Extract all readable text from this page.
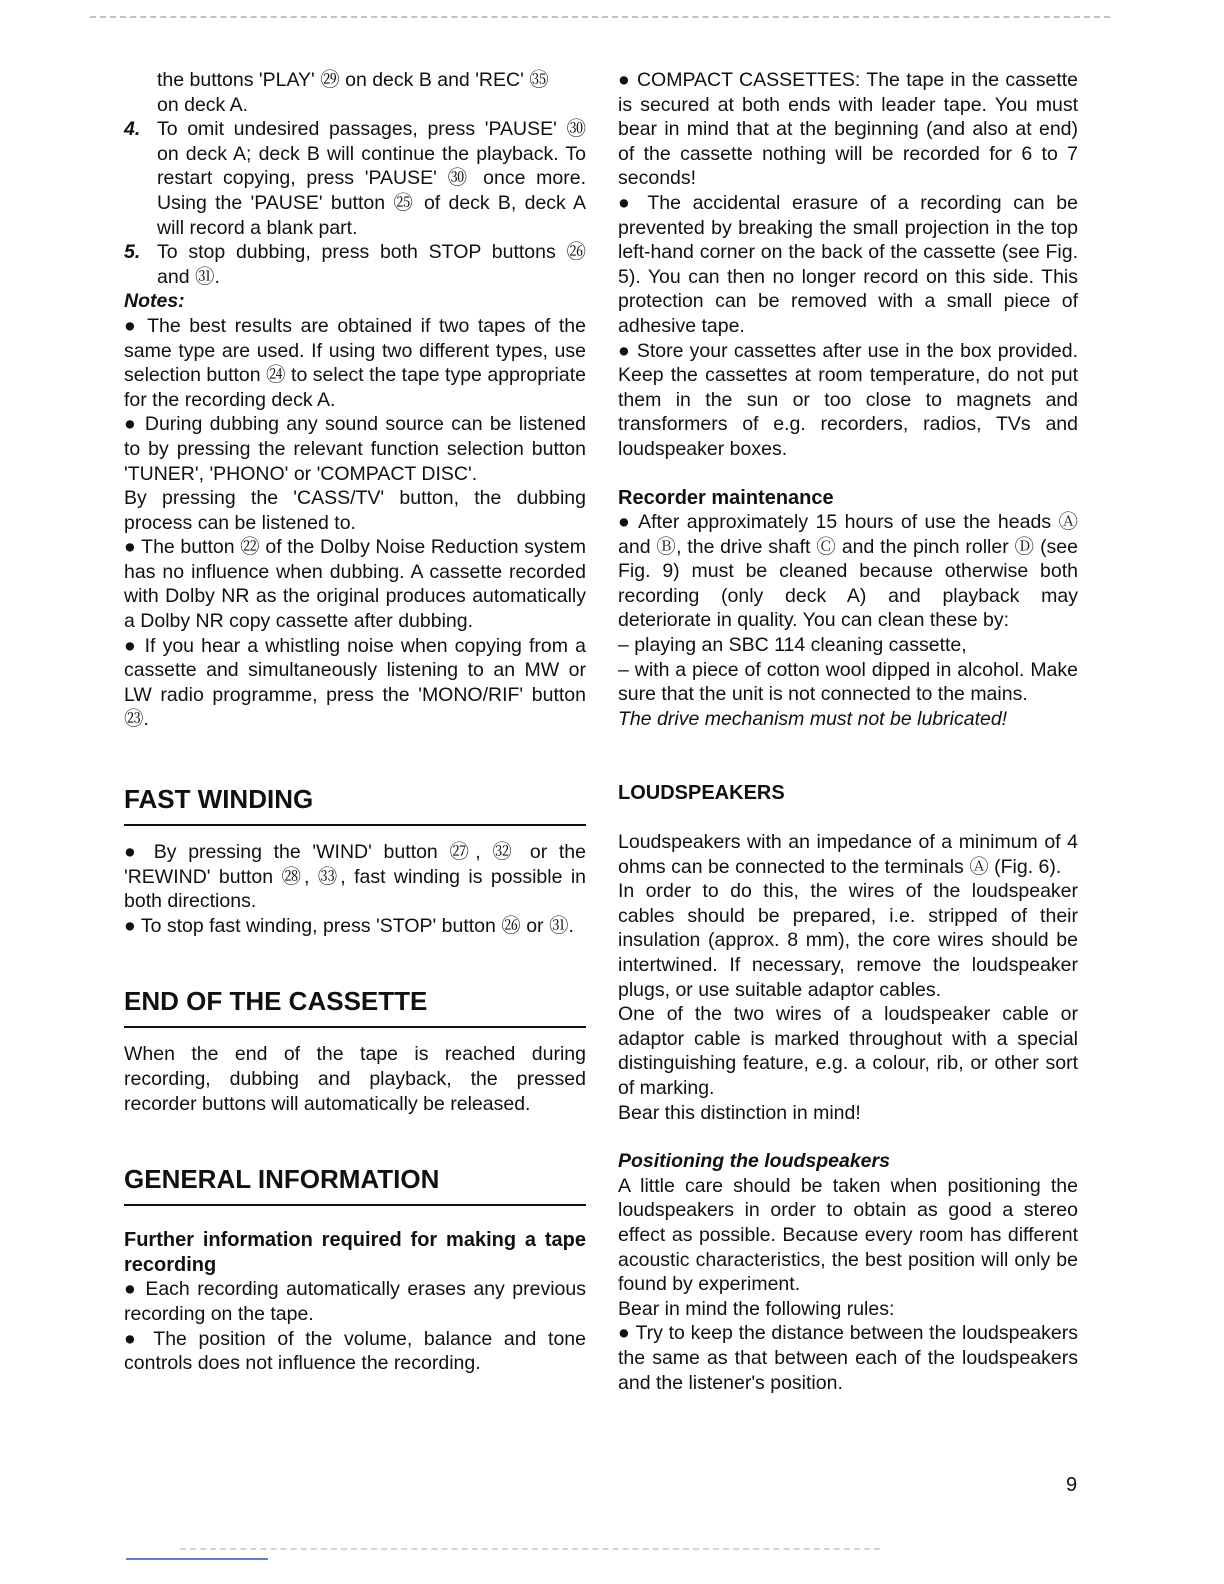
the buttons 'PLAY' ㉙ on deck B and 'REC' ㉟

on deck A.

4. To omit undesired passages, press 'PAUSE' ㉚ on deck A; deck B will continue the playback. To restart copying, press 'PAUSE' ㉚ once more. Using the 'PAUSE' button ㉕ of deck B, deck A will record a blank part.
5. To stop dubbing, press both STOP buttons ㉖ and ㉛.

Notes:

● The best results are obtained if two tapes of the same type are used. If using two different types, use selection button ㉔ to select the tape type appropriate for the recording deck A.

● During dubbing any sound source can be listened to by pressing the relevant function selection button 'TUNER', 'PHONO' or 'COMPACT DISC'.

By pressing the 'CASS/TV' button, the dubbing process can be listened to.

● The button ㉒ of the Dolby Noise Reduction system has no influence when dubbing. A cassette recorded with Dolby NR as the original produces automatically a Dolby NR copy cassette after dubbing.

● If you hear a whistling noise when copying from a cassette and simultaneously listening to an MW or LW radio programme, press the 'MONO/RIF' button ㉓.

FAST WINDING

● By pressing the 'WIND' button ㉗, ㉜ or the 'REWIND' button ㉘, ㉝, fast winding is possible in both directions.

● To stop fast winding, press 'STOP' button ㉖ or ㉛.

END OF THE CASSETTE

When the end of the tape is reached during recording, dubbing and playback, the pressed recorder buttons will automatically be released.

GENERAL INFORMATION

Further information required for making a tape recording

● Each recording automatically erases any previous recording on the tape.

● The position of the volume, balance and tone controls does not influence the recording.

● COMPACT CASSETTES: The tape in the cassette is secured at both ends with leader tape. You must bear in mind that at the beginning (and also at end) of the cassette nothing will be recorded for 6 to 7 seconds!

● The accidental erasure of a recording can be prevented by breaking the small projection in the top left-hand corner on the back of the cassette (see Fig. 5). You can then no longer record on this side. This protection can be removed with a small piece of adhesive tape.

● Store your cassettes after use in the box provided. Keep the cassettes at room temperature, do not put them in the sun or too close to magnets and transformers of e.g. recorders, radios, TVs and loudspeaker boxes.

Recorder maintenance

● After approximately 15 hours of use the heads Ⓐ and Ⓑ, the drive shaft Ⓒ and the pinch roller Ⓓ (see Fig. 9) must be cleaned because otherwise both recording (only deck A) and playback may deteriorate in quality. You can clean these by:

– playing an SBC 114 cleaning cassette,

– with a piece of cotton wool dipped in alcohol. Make sure that the unit is not connected to the mains.

The drive mechanism must not be lubricated!

LOUDSPEAKERS

Loudspeakers with an impedance of a minimum of 4 ohms can be connected to the terminals Ⓐ (Fig. 6).

In order to do this, the wires of the loudspeaker cables should be prepared, i.e. stripped of their insulation (approx. 8 mm), the core wires should be intertwined. If necessary, remove the loudspeaker plugs, or use suitable adaptor cables.

One of the two wires of a loudspeaker cable or adaptor cable is marked throughout with a special distinguishing feature, e.g. a colour, rib, or other sort of marking.

Bear this distinction in mind!

Positioning the loudspeakers

A little care should be taken when positioning the loudspeakers in order to obtain as good a stereo effect as possible. Because every room has different acoustic characteristics, the best position will only be found by experiment.

Bear in mind the following rules:

● Try to keep the distance between the loudspeakers the same as that between each of the loudspeakers and the listener's position.

9
